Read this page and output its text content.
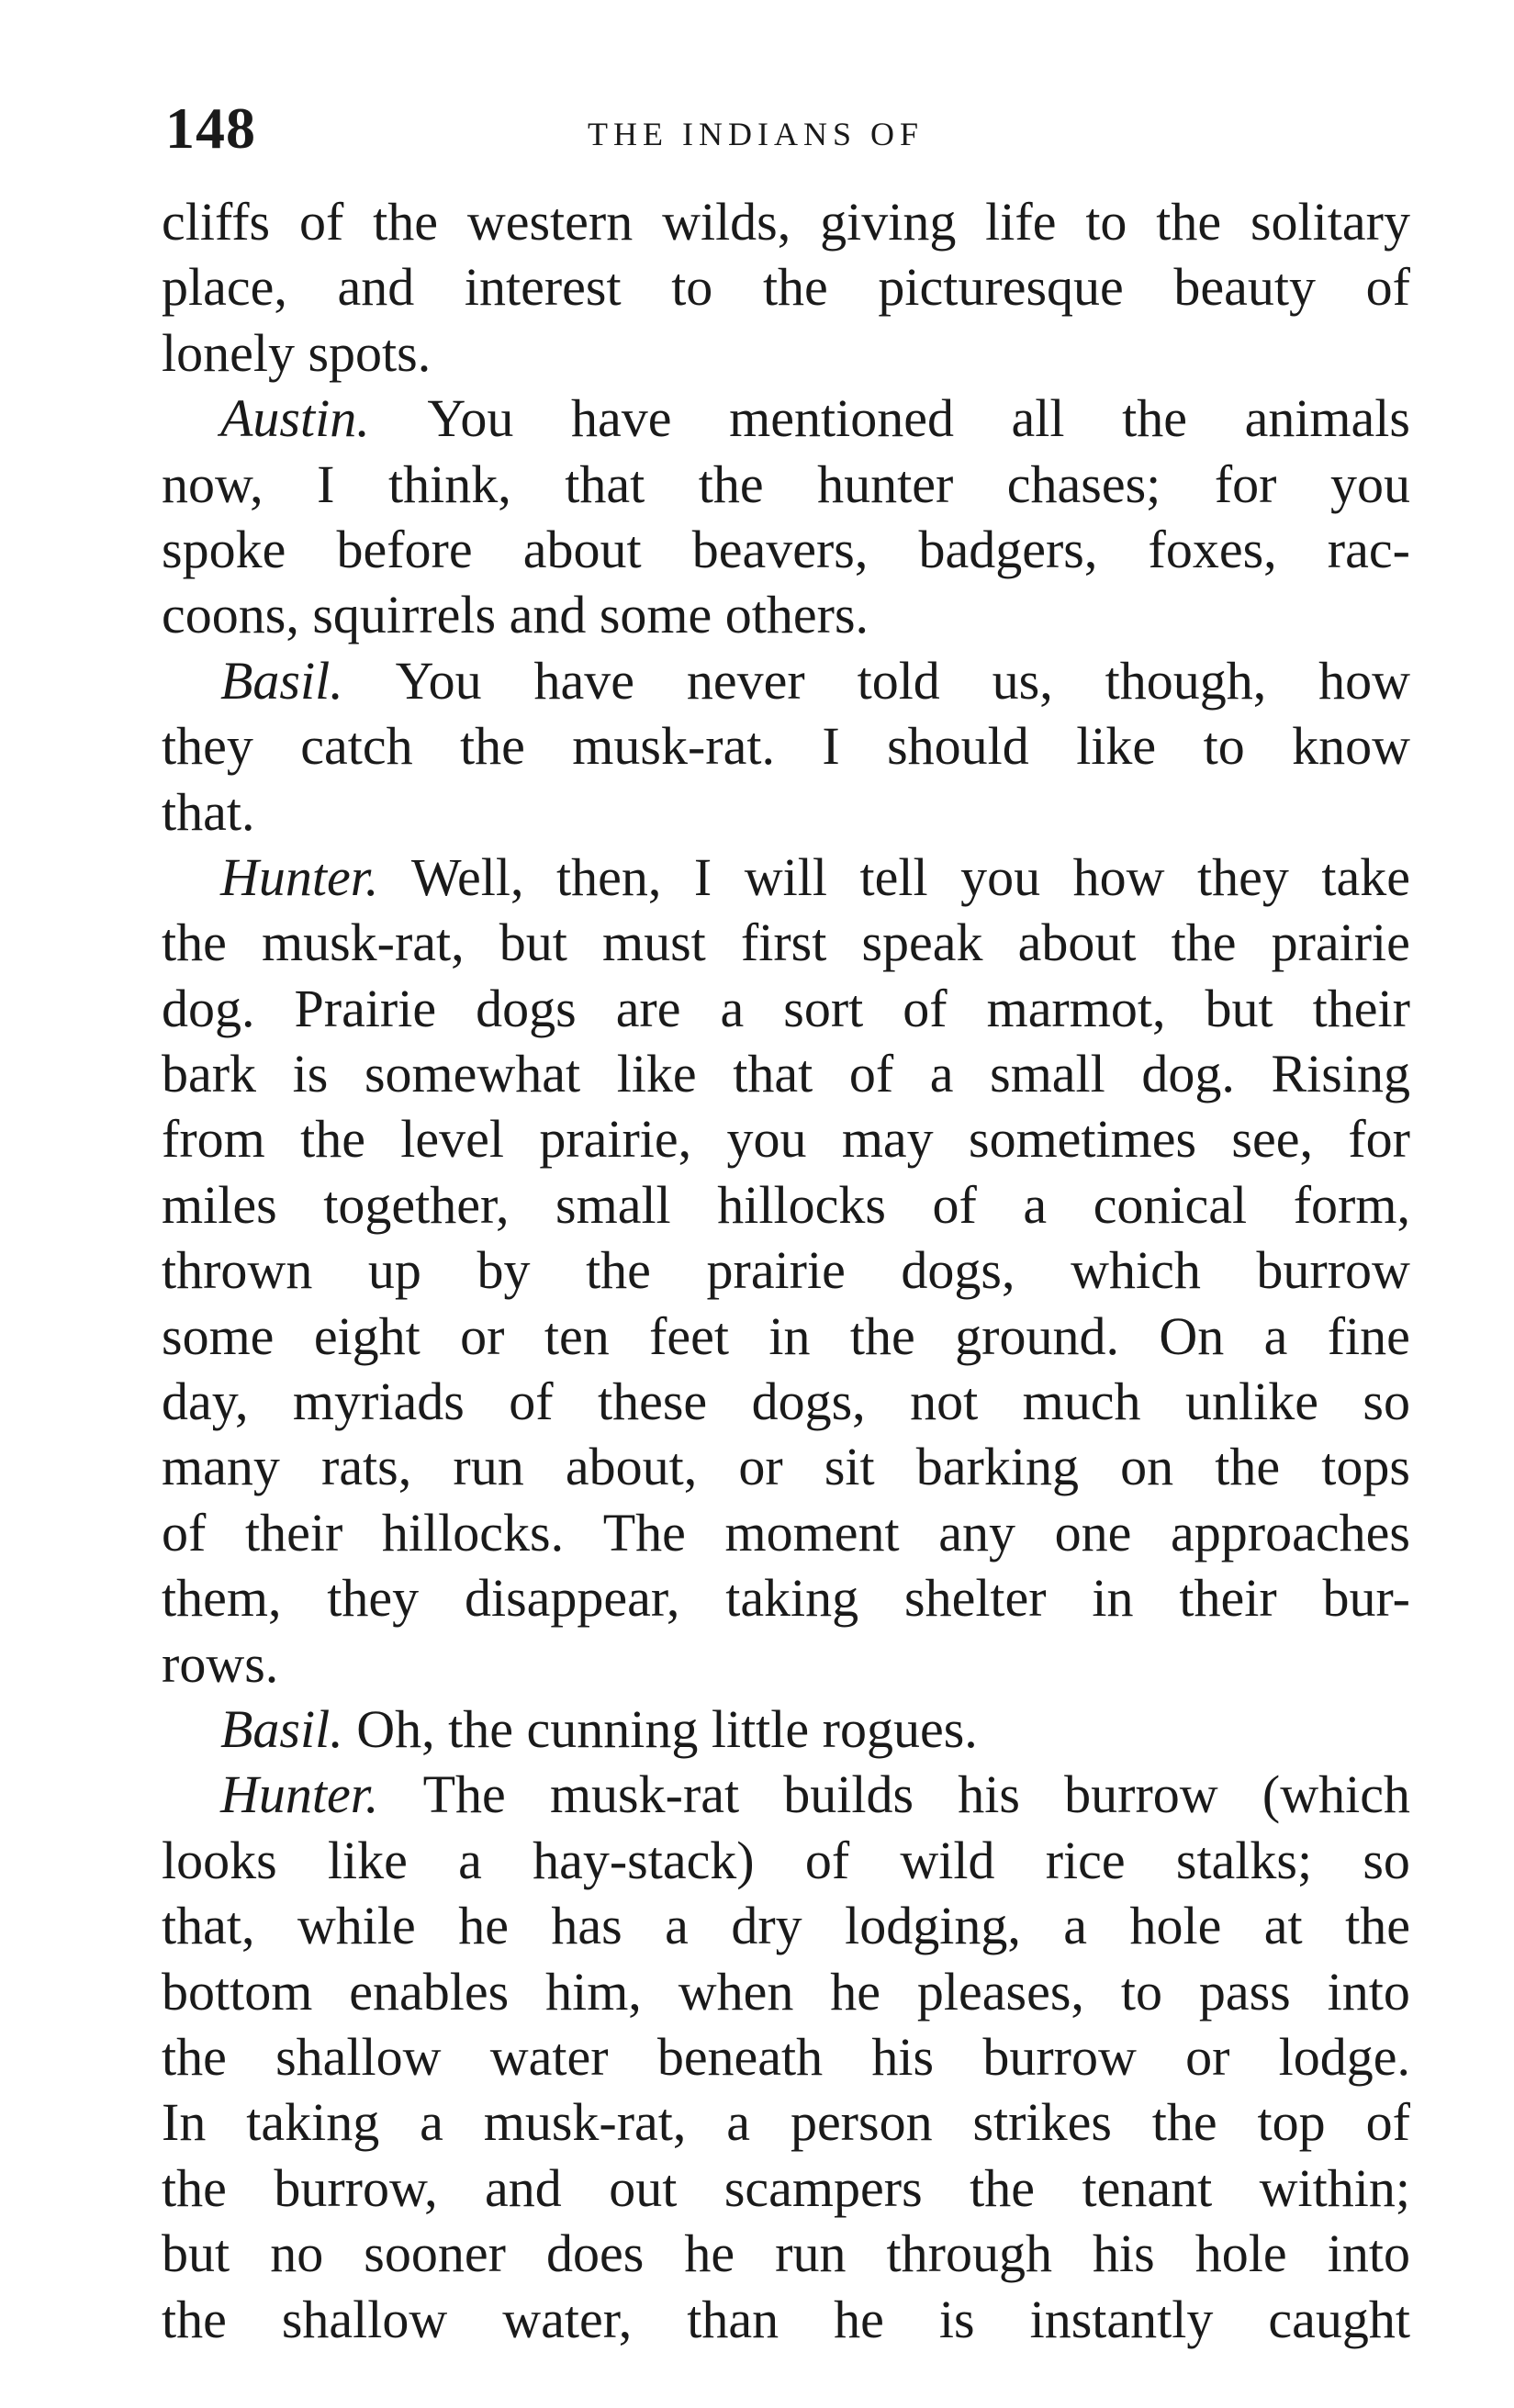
148	THE INDIANS OF
cliffs of the western wilds, giving life to the solitary
place, and interest to the picturesque beauty of
lonely spots.
Austin. You have mentioned all the animals
now, I think, that the hunter chases; for you
spoke before about beavers, badgers, foxes, rac-
coons, squirrels and some others.
Basil. You have never told us, though, how
they catch the musk-rat. I should like to know
that.
Hunter. Well, then, I will tell you how they take
the musk-rat, but must first speak about the prairie
dog. Prairie dogs are a sort of marmot, but their
bark is somewhat like that of a small dog. Rising
from the level prairie, you may sometimes see, for
miles together, small hillocks of a conical form,
thrown up by the prairie dogs, which burrow
some eight or ten feet in the ground. On a fine
day, myriads of these dogs, not much unlike so
many rats, run about, or sit barking on the tops
of their hillocks. The moment any one approaches
them, they disappear, taking shelter in their bur-
rows.
Basil. Oh, the cunning little rogues.
Hunter. The musk-rat builds his burrow (which
looks like a hay-stack) of wild rice stalks; so
that, while he has a dry lodging, a hole at the
bottom enables him, when he pleases, to pass into
the shallow water beneath his burrow or lodge.
In taking a musk-rat, a person strikes the top of
the burrow, and out scampers the tenant within;
but no sooner does he run through his hole into
the shallow water, than he is instantly caught
